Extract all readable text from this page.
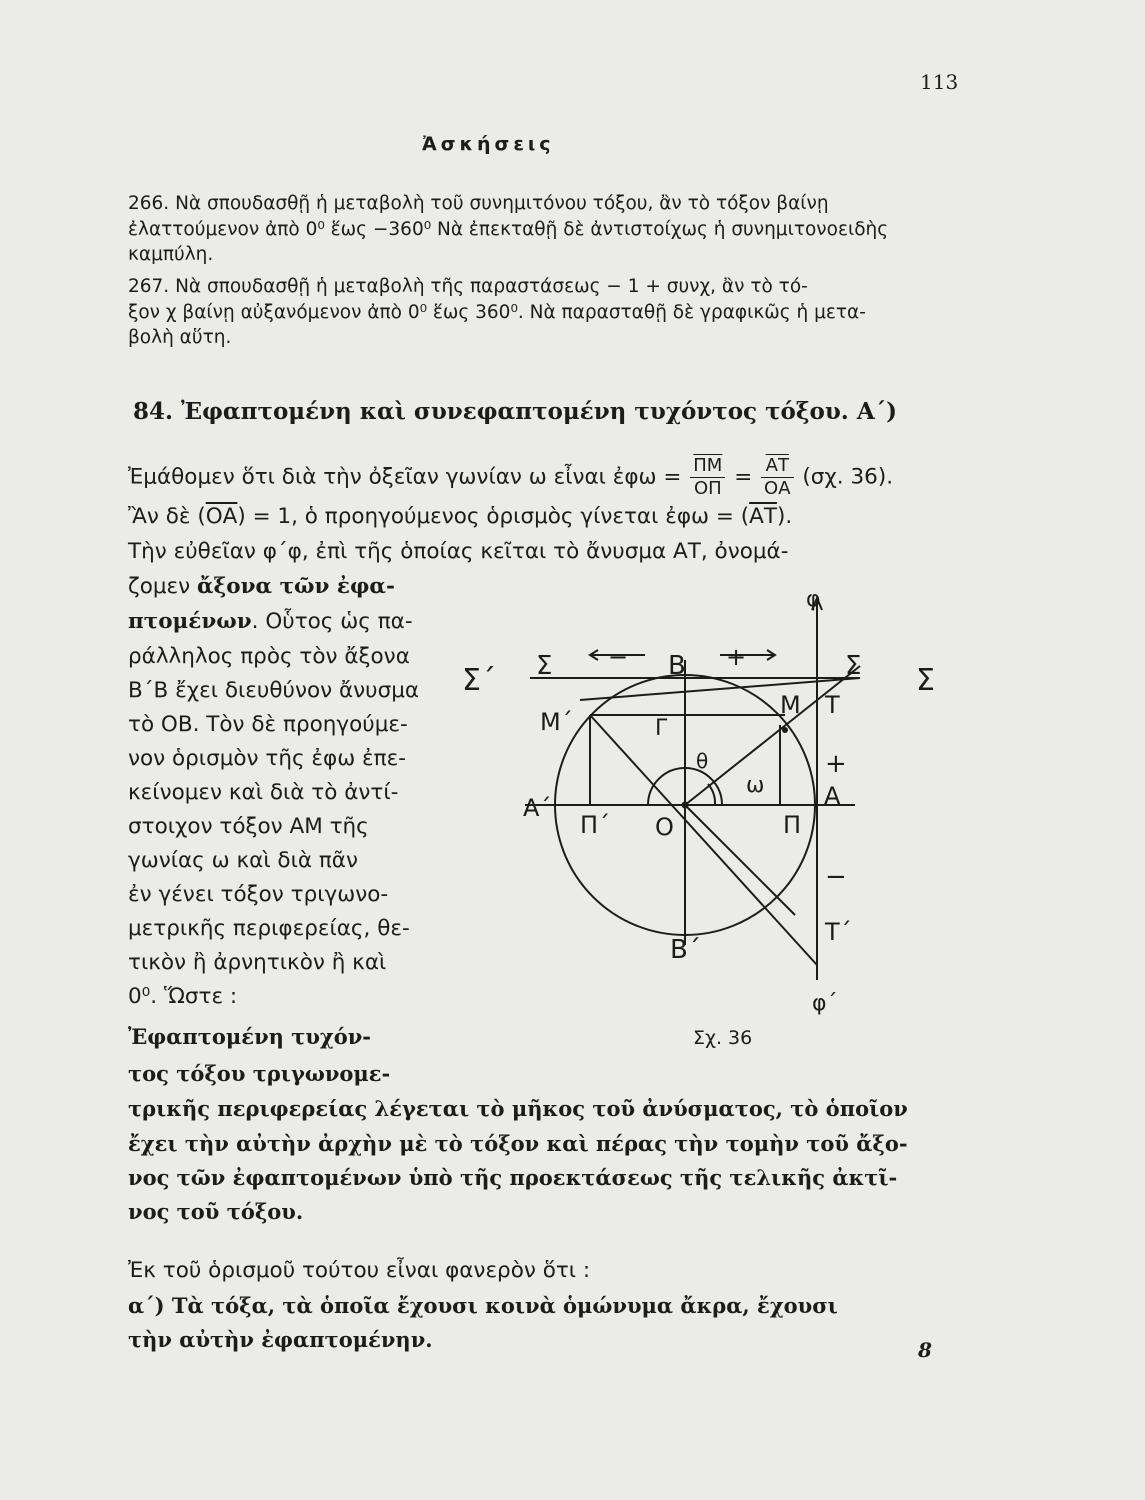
113
Ἀσκήσεις
266. Νὰ σπουδασθῇ ἡ μεταβολὴ τοῦ συνημιτόνου τόξου, ἂν τὸ τόξον βαίνῃ
ἐλαττούμενον ἀπὸ 0⁰ ἕως −360⁰ Νὰ ἐπεκταθῇ δὲ ἀντιστοίχως ἡ συνημιτονοειδὴς
καμπύλη.
267. Νὰ σπουδασθῇ ἡ μεταβολὴ τῆς παραστάσεως − 1 + συνχ, ἂν τὸ τό-
ξον χ βαίνῃ αὐξανόμενον ἀπὸ 0⁰ ἕως 360⁰. Νὰ παρασταθῇ δὲ γραφικῶς ἡ μετα-
βολὴ αὕτη.
84. Ἐφαπτομένη καὶ συνεφαπτομένη τυχόντος τόξου. Α΄)
Ἐμάθομεν ὅτι διὰ τὴν ὀξεῖαν γωνίαν ω εἶναι ἐφω = $\frac{\overline{\Pi M}}{O\Pi} = \frac{\overline{AT}}{OA} (\sigma\chi$. 36).
Ἂν δὲ $(\overline{OA}) = 1$, ὁ προηγούμενος ὁρισμὸς γίνεται ἐφω = $(\overline{AT})$.
Τὴν εὐθεῖαν φ΄φ, ἐπὶ τῆς ὁποίας κεῖται τὸ ἄνυσμα ΑΤ, ὀνομά-
ζομεν ἄξονα τῶν ἐφα-
πτομένων. Οὗτος ὡς πα-
ράλληλος πρὸς τὸν ἄξονα
Β΄Β ἔχει διευθύνον ἄνυσμα
τὸ ΟΒ. Τὸν δὲ προηγούμε-
νον ὁρισμὸν τῆς ἐφω ἐπε-
κείνομεν καὶ διὰ τὸ ἀντί-
στοιχον τόξον ΑΜ τῆς
γωνίας ω καὶ διὰ πᾶν
ἐν γένει τόξον τριγωνο-
μετρικῆς περιφερείας, θε-
τικὸν ἢ ἀρνητικὸν ἢ καὶ
0⁰. Ὥστε :
Ἐφαπτομένη τυχόν-
τος τόξου τριγωνομε-
τρικῆς περιφερείας λέγεται τὸ μῆκος τοῦ ἀνύσματος, τὸ ὁποῖον
ἔχει τὴν αὐτὴν ἀρχὴν μὲ τὸ τόξον καὶ πέρας τὴν τομὴν τοῦ ἄξο-
νος τῶν ἐφαπτομένων ὑπὸ τῆς προεκτάσεως τῆς τελικῆς ἀκτῖ-
νος τοῦ τόξου.
Ἐκ τοῦ ὁρισμοῦ τούτου εἶναι φανερὸν ὅτι :
α΄) Τὰ τόξα, τὰ ὁποῖα ἔχουσι κοινὰ ὁμώνυμα ἄκρα, ἔχουσι
τὴν αὐτὴν ἐφαπτομένην.
φ
φ΄
Σ΄ Σ	Σ Σ
Β
Β΄
Μ
Μ΄	Γ
θ
ω Α
Α΄
Π΄ Ο	Π
Τ
Τ΄
+
+
−
−
Σχ. 36
8
